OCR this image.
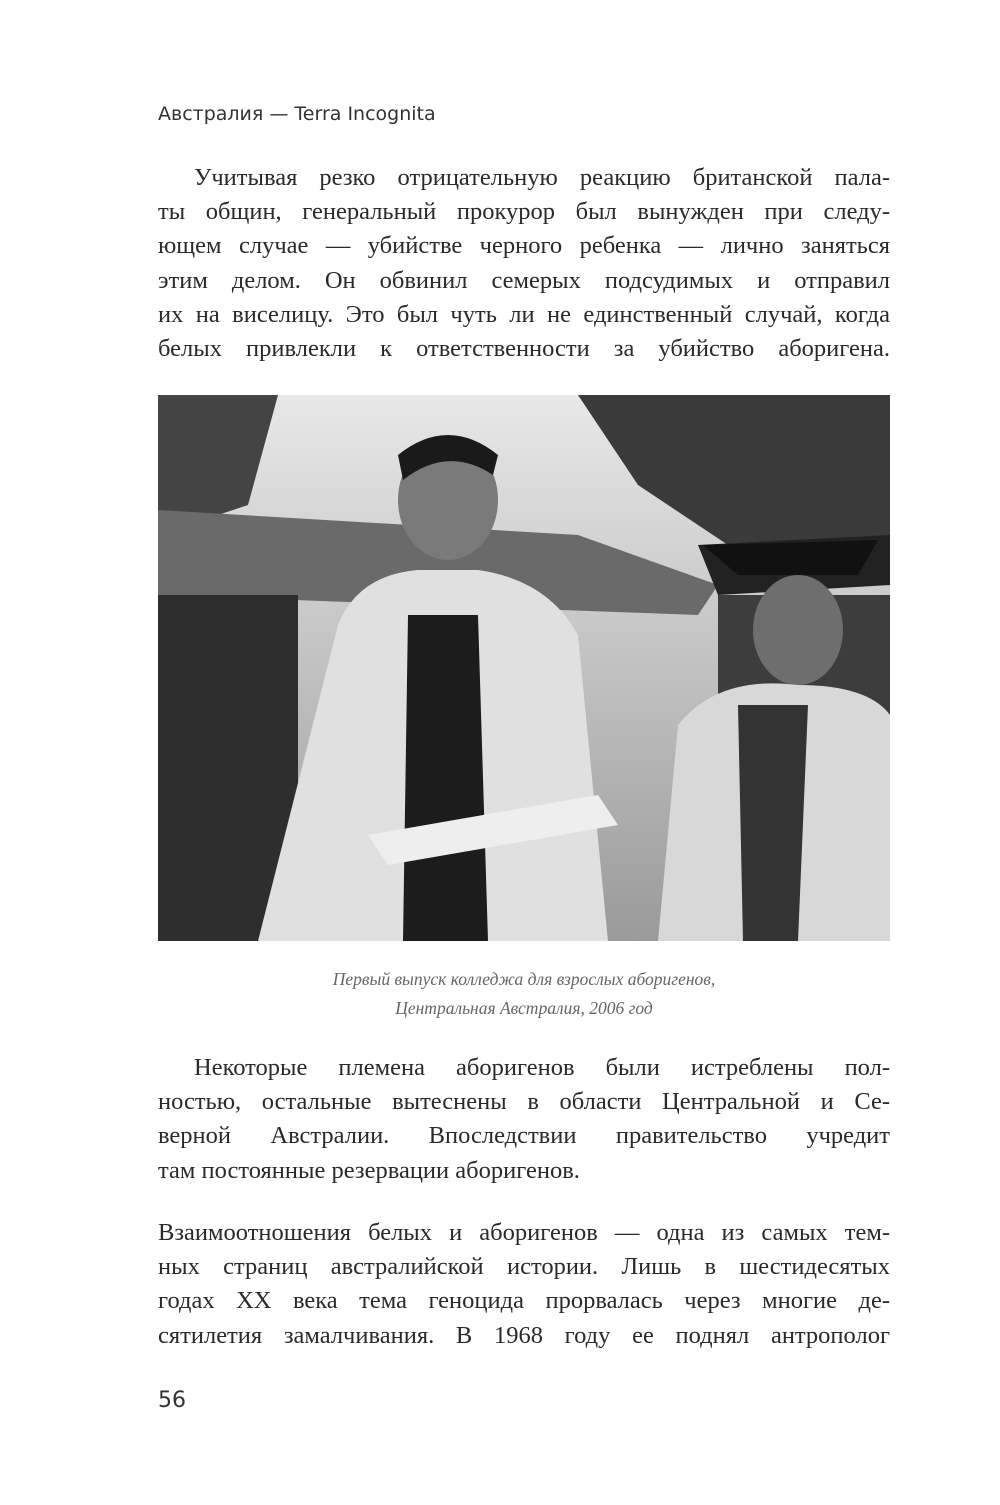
Австралия — Terra Incognita
Учитывая резко отрицательную реакцию британской пала-
ты общин, генеральный прокурор был вынужден при следу-
ющем случае — убийстве черного ребенка — лично заняться
этим делом. Он обвинил семерых подсудимых и отправил
их на виселицу. Это был чуть ли не единственный случай, когда
белых привлекли к ответственности за убийство аборигена.
Первый выпуск колледжа для взрослых аборигенов,
Центральная Австралия, 2006 год
Некоторые племена аборигенов были истреблены пол-
ностью, остальные вытеснены в области Центральной и Се-
верной Австралии. Впоследствии правительство учредит
там постоянные резервации аборигенов.
Взаимоотношения белых и аборигенов — одна из самых тем-
ных страниц австралийской истории. Лишь в шестидесятых
годах XX века тема геноцида прорвалась через многие де-
сятилетия замалчивания. В 1968 году ее поднял антрополог
56
